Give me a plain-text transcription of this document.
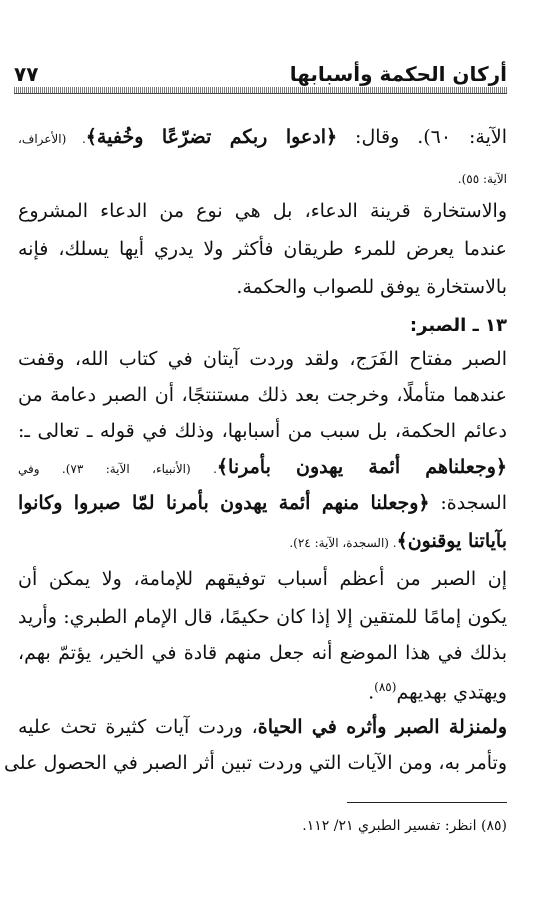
أركان الحكمة وأسبابها
٧٧
الآية: ٦٠). وقال: ﴿ادعوا ربكم تضرّعًا وخُفية﴾. (الأعراف،
الآية: ٥٥).
والاستخارة قرينة الدعاء، بل هي نوع من الدعاء المشروع
عندما يعرض للمرء طريقان فأكثر ولا يدري أيها يسلك، فإنه
بالاستخارة يوفق للصواب والحكمة.
١٣ ـ الصبر:
الصبر مفتاح الفَرَج، ولقد وردت آيتان في كتاب الله، وقفت
عندهما متأملًا، وخرجت بعد ذلك مستنتجًا، أن الصبر دعامة من
دعائم الحكمة، بل سبب من أسبابها، وذلك في قوله ـ تعالى ـ:
﴿وجعلناهم أئمة يهدون بأمرنا﴾. (الأنبياء، الآية: ٧٣). وفي
السجدة: ﴿وجعلنا منهم أئمة يهدون بأمرنا لمّا صبروا وكانوا
بآياتنا يوقنون﴾. (السجدة، الآية: ٢٤).
إن الصبر من أعظم أسباب توفيقهم للإمامة، ولا يمكن أن
يكون إمامًا للمتقين إلا إذا كان حكيمًا، قال الإمام الطبري: وأريد
بذلك في هذا الموضع أنه جعل منهم قادة في الخير، يؤتمّ بهم،
ويهتدي بهديهم$^{(٨٥)}$.
ولمنزلة الصبر وأثره في الحياة، وردت آيات كثيرة تحث عليه
وتأمر به، ومن الآيات التي وردت تبين أثر الصبر في الحصول على
(٨٥) انظر: تفسير الطبري ٢١/ ١١٢.
